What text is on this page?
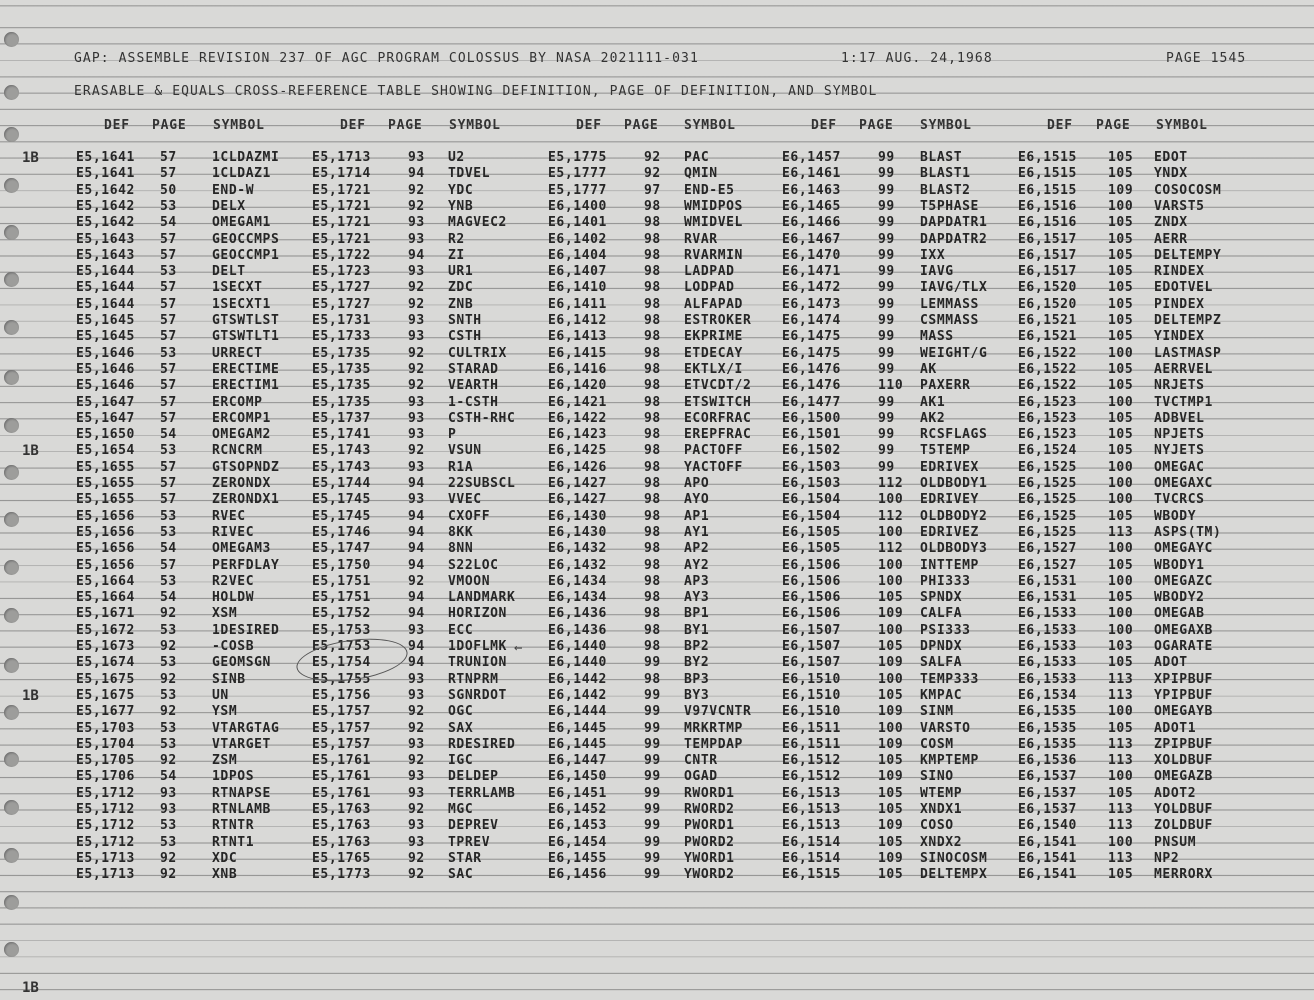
1B
1B
1B
1B
GAP: ASSEMBLE REVISION 237 OF AGC PROGRAM COLOSSUS BY NASA 2021111-031	1:17 AUG. 24,1968	PAGE 1545
ERASABLE & EQUALS CROSS-REFERENCE TABLE SHOWING DEFINITION, PAGE OF DEFINITION, AND SYMBOL
DEF PAGE SYMBOL	DEF PAGE SYMBOL	DEF PAGE SYMBOL	DEF PAGE SYMBOL	DEF PAGE SYMBOL
E5,1641 57	1CLDAZMI	E5,1713	93 U2	E5,1775	92 PAC	E6,1457	99 BLAST	E6,1515 105 EDOT
E5,1641 57	1CLDAZ1	E5,1714	94 TDVEL	E5,1777	92 QMIN	E6,1461	99 BLAST1	E6,1515 105 YNDX
E5,1642 50	END-W	E5,1721	92 YDC	E5,1777	97 END-E5	E6,1463	99 BLAST2	E6,1515 109 COSOCOSM
E5,1642 53	DELX	E5,1721	92 YNB	E6,1400	98 WMIDPOS	E6,1465	99 T5PHASE	E6,1516 100 VARST5
E5,1642 54	OMEGAM1	E5,1721	93 MAGVEC2	E6,1401	98 WMIDVEL	E6,1466	99 DAPDATR1 E6,1516 105 ZNDX
E5,1643 57	GEOCCMPS	E5,1721	93 R2	E6,1402	98 RVAR	E6,1467	99 DAPDATR2 E6,1517 105 AERR
E5,1643 57	GEOCCMP1	E5,1722	94 ZI	E6,1404	98 RVARMIN	E6,1470	99 IXX	E6,1517 105 DELTEMPY
E5,1644 53	DELT	E5,1723	93 UR1	E6,1407	98 LADPAD	E6,1471	99 IAVG	E6,1517 105 RINDEX
E5,1644 57	1SECXT	E5,1727	92 ZDC	E6,1410	98 LODPAD	E6,1472	99 IAVG/TLX E6,1520 105 EDOTVEL
E5,1644 57	1SECXT1	E5,1727	92 ZNB	E6,1411	98 ALFAPAD	E6,1473	99 LEMMASS	E6,1520 105 PINDEX
E5,1645 57	GTSWTLST	E5,1731	93 SNTH	E6,1412	98 ESTROKER E6,1474	99 CSMMASS	E6,1521 105 DELTEMPZ
E5,1645 57	GTSWTLT1	E5,1733	93 CSTH	E6,1413	98 EKPRIME	E6,1475	99 MASS	E6,1521 105 YINDEX
E5,1646 53	URRECT	E5,1735	92 CULTRIX	E6,1415	98 ETDECAY	E6,1475	99 WEIGHT/G E6,1522 100 LASTMASP
E5,1646 57	ERECTIME	E5,1735	92 STARAD	E6,1416	98 EKTLX/I	E6,1476	99 AK	E6,1522 105 AERRVEL
E5,1646 57	ERECTIM1	E5,1735	92 VEARTH	E6,1420	98 ETVCDT/2 E6,1476	110 PAXERR	E6,1522 105 NRJETS
E5,1647 57	ERCOMP	E5,1735	93 1-CSTH	E6,1421	98 ETSWITCH E6,1477	99 AK1	E6,1523 100 TVCTMP1
E5,1647 57	ERCOMP1	E5,1737	93 CSTH-RHC	E6,1422	98 ECORFRAC E6,1500	99 AK2	E6,1523 105 ADBVEL
E5,1650 54	OMEGAM2	E5,1741	93 P	E6,1423	98 EREPFRAC E6,1501	99 RCSFLAGS E6,1523 105 NPJETS
E5,1654 53	RCNCRM	E5,1743	92 VSUN	E6,1425	98 PACTOFF	E6,1502	99 T5TEMP	E6,1524 105 NYJETS
E5,1655 57	GTSOPNDZ	E5,1743	93 R1A	E6,1426	98 YACTOFF	E6,1503	99 EDRIVEX	E6,1525 100 OMEGAC
E5,1655 57	ZERONDX	E5,1744	94 22SUBSCL	E6,1427	98 APO	E6,1503	112 OLDBODY1 E6,1525 100 OMEGAXC
E5,1655 57	ZERONDX1	E5,1745	93 VVEC	E6,1427	98 AYO	E6,1504	100 EDRIVEY	E6,1525 100 TVCRCS
E5,1656 53	RVEC	E5,1745	94 CXOFF	E6,1430	98 AP1	E6,1504	112 OLDBODY2 E6,1525 105 WBODY
E5,1656 53	RIVEC	E5,1746	94 8KK	E6,1430	98 AY1	E6,1505	100 EDRIVEZ	E6,1525 113 ASPS(TM)
E5,1656 54	OMEGAM3	E5,1747	94 8NN	E6,1432	98 AP2	E6,1505	112 OLDBODY3 E6,1527 100 OMEGAYC
E5,1656 57	PERFDLAY	E5,1750	94 S22LOC	E6,1432	98 AY2	E6,1506	100 INTTEMP	E6,1527 105 WBODY1
E5,1664 53	R2VEC	E5,1751	92 VMOON	E6,1434	98 AP3	E6,1506	100 PHI333	E6,1531 100 OMEGAZC
E5,1664 54	HOLDW	E5,1751	94 LANDMARK	E6,1434	98 AY3	E6,1506	105 SPNDX	E6,1531 105 WBODY2
E5,1671 92	XSM	E5,1752	94 HORIZON	E6,1436	98 BP1	E6,1506	109 CALFA	E6,1533 100 OMEGAB
E5,1672 53	1DESIRED	E5,1753	93 ECC	E6,1436	98 BY1	E6,1507	100 PSI333	E6,1533 100 OMEGAXB
E5,1673 92	-COSB	E5,1753	94 1DOFLMK	E6,1440	98 BP2	E6,1507	105 DPNDX	E6,1533 103 OGARATE
E5,1674 53	GEOMSGN	E5,1754	94 TRUNION	E6,1440	99 BY2	E6,1507	109 SALFA	E6,1533 105 ADOT
E5,1675 92	SINB	E5,1755	93 RTNPRM	E6,1442	98 BP3	E6,1510	100 TEMP333	E6,1533 113 XPIPBUF
E5,1675 53	UN	E5,1756	93 SGNRDOT	E6,1442	99 BY3	E6,1510	105 KMPAC	E6,1534 113 YPIPBUF
E5,1677 92	YSM	E5,1757	92 OGC	E6,1444	99 V97VCNTR E6,1510	109 SINM	E6,1535 100 OMEGAYB
E5,1703 53	VTARGTAG	E5,1757	92 SAX	E6,1445	99 MRKRTMP	E6,1511	100 VARSTO	E6,1535 105 ADOT1
E5,1704 53	VTARGET	E5,1757	93 RDESIRED	E6,1445	99 TEMPDAP	E6,1511	109 COSM	E6,1535 113 ZPIPBUF
E5,1705 92	ZSM	E5,1761	92 IGC	E6,1447	99 CNTR	E6,1512	105 KMPTEMP	E6,1536 113 XOLDBUF
E5,1706 54	1DPOS	E5,1761	93 DELDEP	E6,1450	99 OGAD	E6,1512	109 SINO	E6,1537 100 OMEGAZB
E5,1712 93	RTNAPSE	E5,1761	93 TERRLAMB	E6,1451	99 RWORD1	E6,1513	105 WTEMP	E6,1537 105 ADOT2
E5,1712 93	RTNLAMB	E5,1763	92 MGC	E6,1452	99 RWORD2	E6,1513	105 XNDX1	E6,1537 113 YOLDBUF
E5,1712 53	RTNTR	E5,1763	93 DEPREV	E6,1453	99 PWORD1	E6,1513	109 COSO	E6,1540 113 ZOLDBUF
E5,1712 53	RTNT1	E5,1763	93 TPREV	E6,1454	99 PWORD2	E6,1514	105 XNDX2	E6,1541 100 PNSUM
E5,1713 92	XDC	E5,1765	92 STAR	E6,1455	99 YWORD1	E6,1514	109 SINOCOSM E6,1541 113 NP2
E5,1713 92	XNB	E5,1773	92 SAC	E6,1456	99 YWORD2	E6,1515	105 DELTEMPX E6,1541 105 MERRORX
←
